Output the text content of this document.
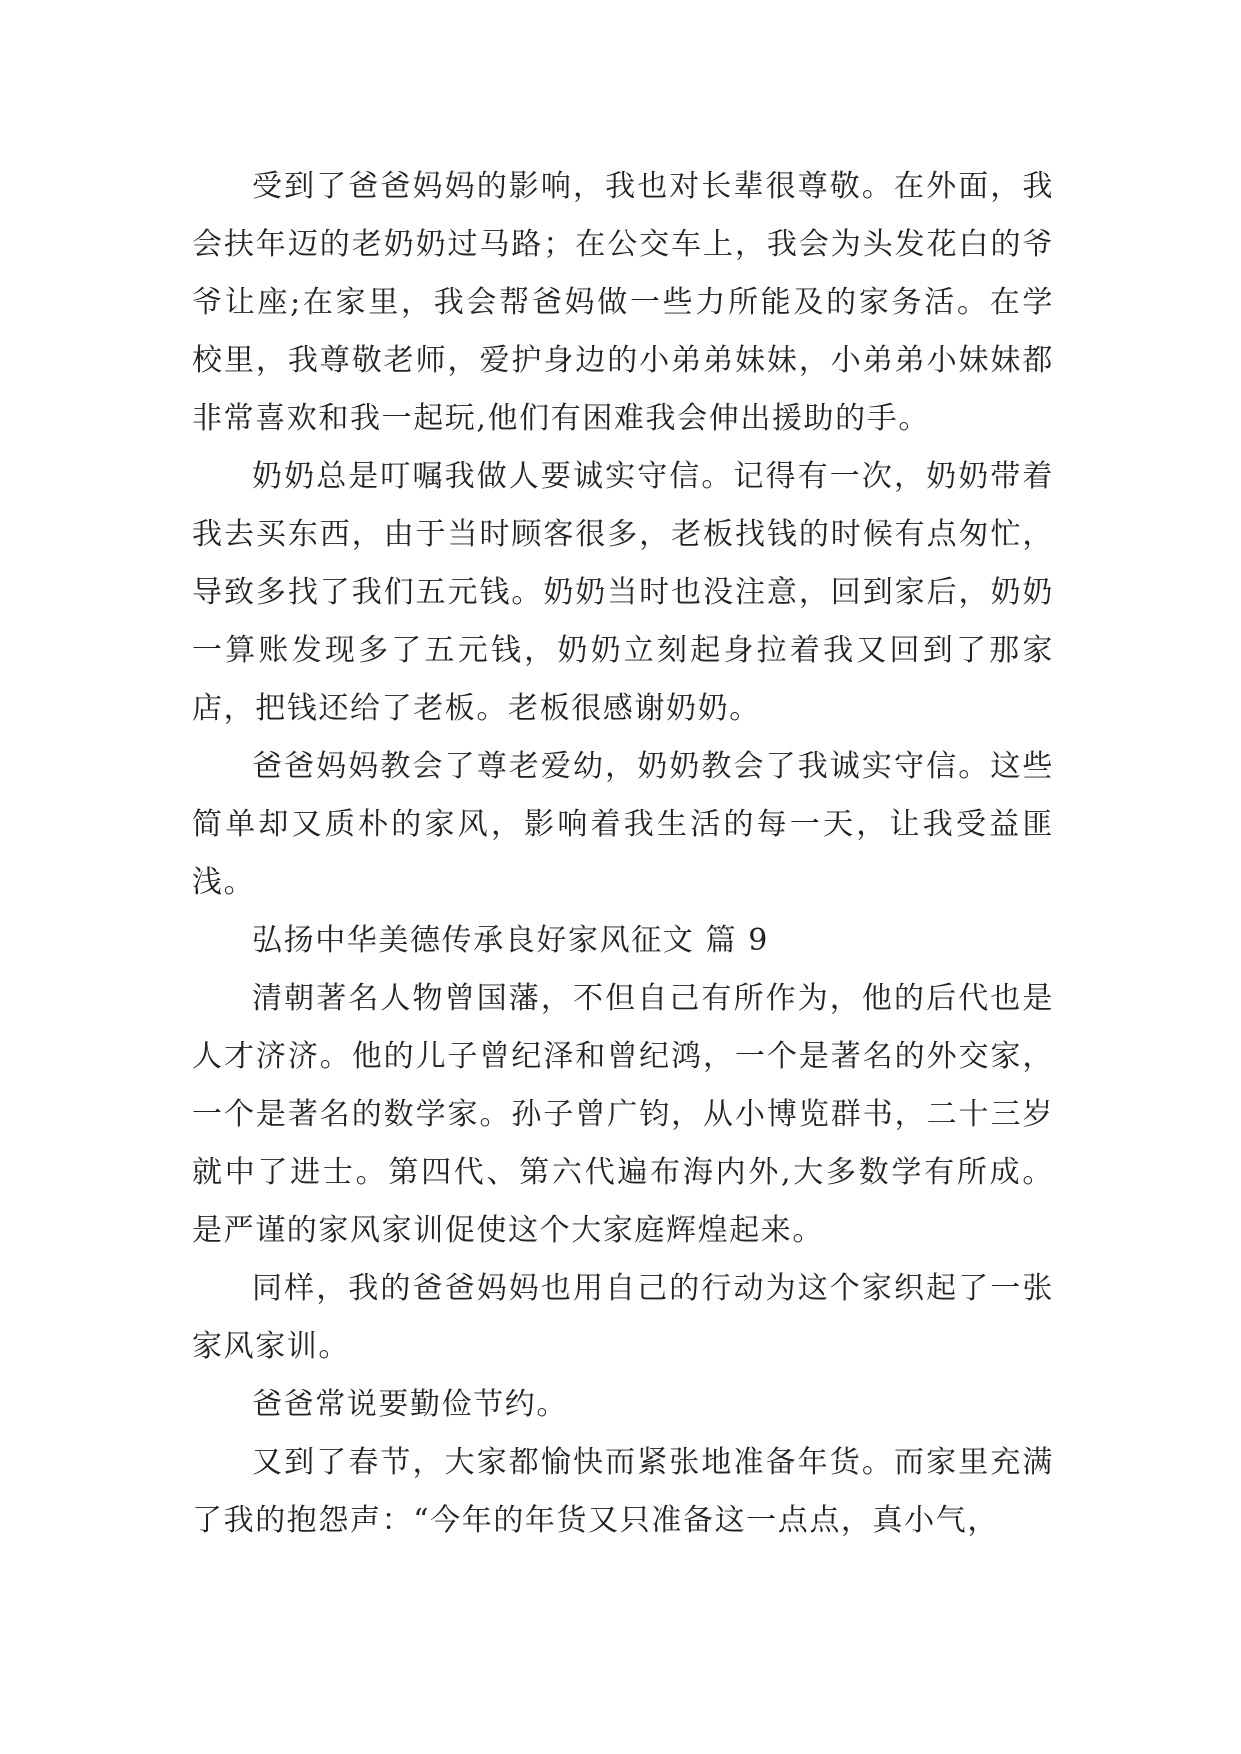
受到了爸爸妈妈的影响，我也对长辈很尊敬。在外面，我会扶年迈的老奶奶过马路；在公交车上，我会为头发花白的爷爷让座;在家里，我会帮爸妈做一些力所能及的家务活。在学校里，我尊敬老师，爱护身边的小弟弟妹妹，小弟弟小妹妹都非常喜欢和我一起玩,他们有困难我会伸出援助的手。

奶奶总是叮嘱我做人要诚实守信。记得有一次，奶奶带着我去买东西，由于当时顾客很多，老板找钱的时候有点匆忙，导致多找了我们五元钱。奶奶当时也没注意，回到家后，奶奶一算账发现多了五元钱，奶奶立刻起身拉着我又回到了那家店，把钱还给了老板。老板很感谢奶奶。

爸爸妈妈教会了尊老爱幼，奶奶教会了我诚实守信。这些简单却又质朴的家风，影响着我生活的每一天，让我受益匪浅。

弘扬中华美德传承良好家风征文 篇 9

清朝著名人物曾国藩，不但自己有所作为，他的后代也是人才济济。他的儿子曾纪泽和曾纪鸿，一个是著名的外交家，一个是著名的数学家。孙子曾广钧，从小博览群书，二十三岁就中了进士。第四代、第六代遍布海内外,大多数学有所成。是严谨的家风家训促使这个大家庭辉煌起来。

同样，我的爸爸妈妈也用自己的行动为这个家织起了一张家风家训。

爸爸常说要勤俭节约。

又到了春节，大家都愉快而紧张地准备年货。而家里充满了我的抱怨声：“今年的年货又只准备这一点点，真小气，
